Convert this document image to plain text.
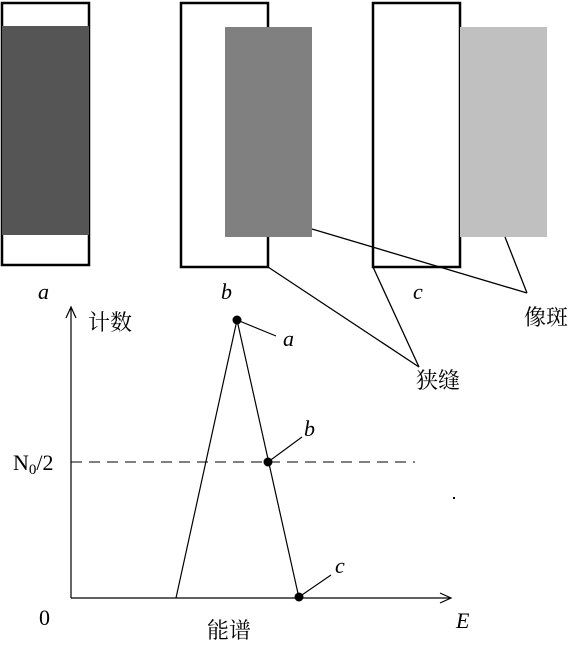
a	b	c
像斑
狭缝
a
b
c
计数
E
能谱
0
N0/2
